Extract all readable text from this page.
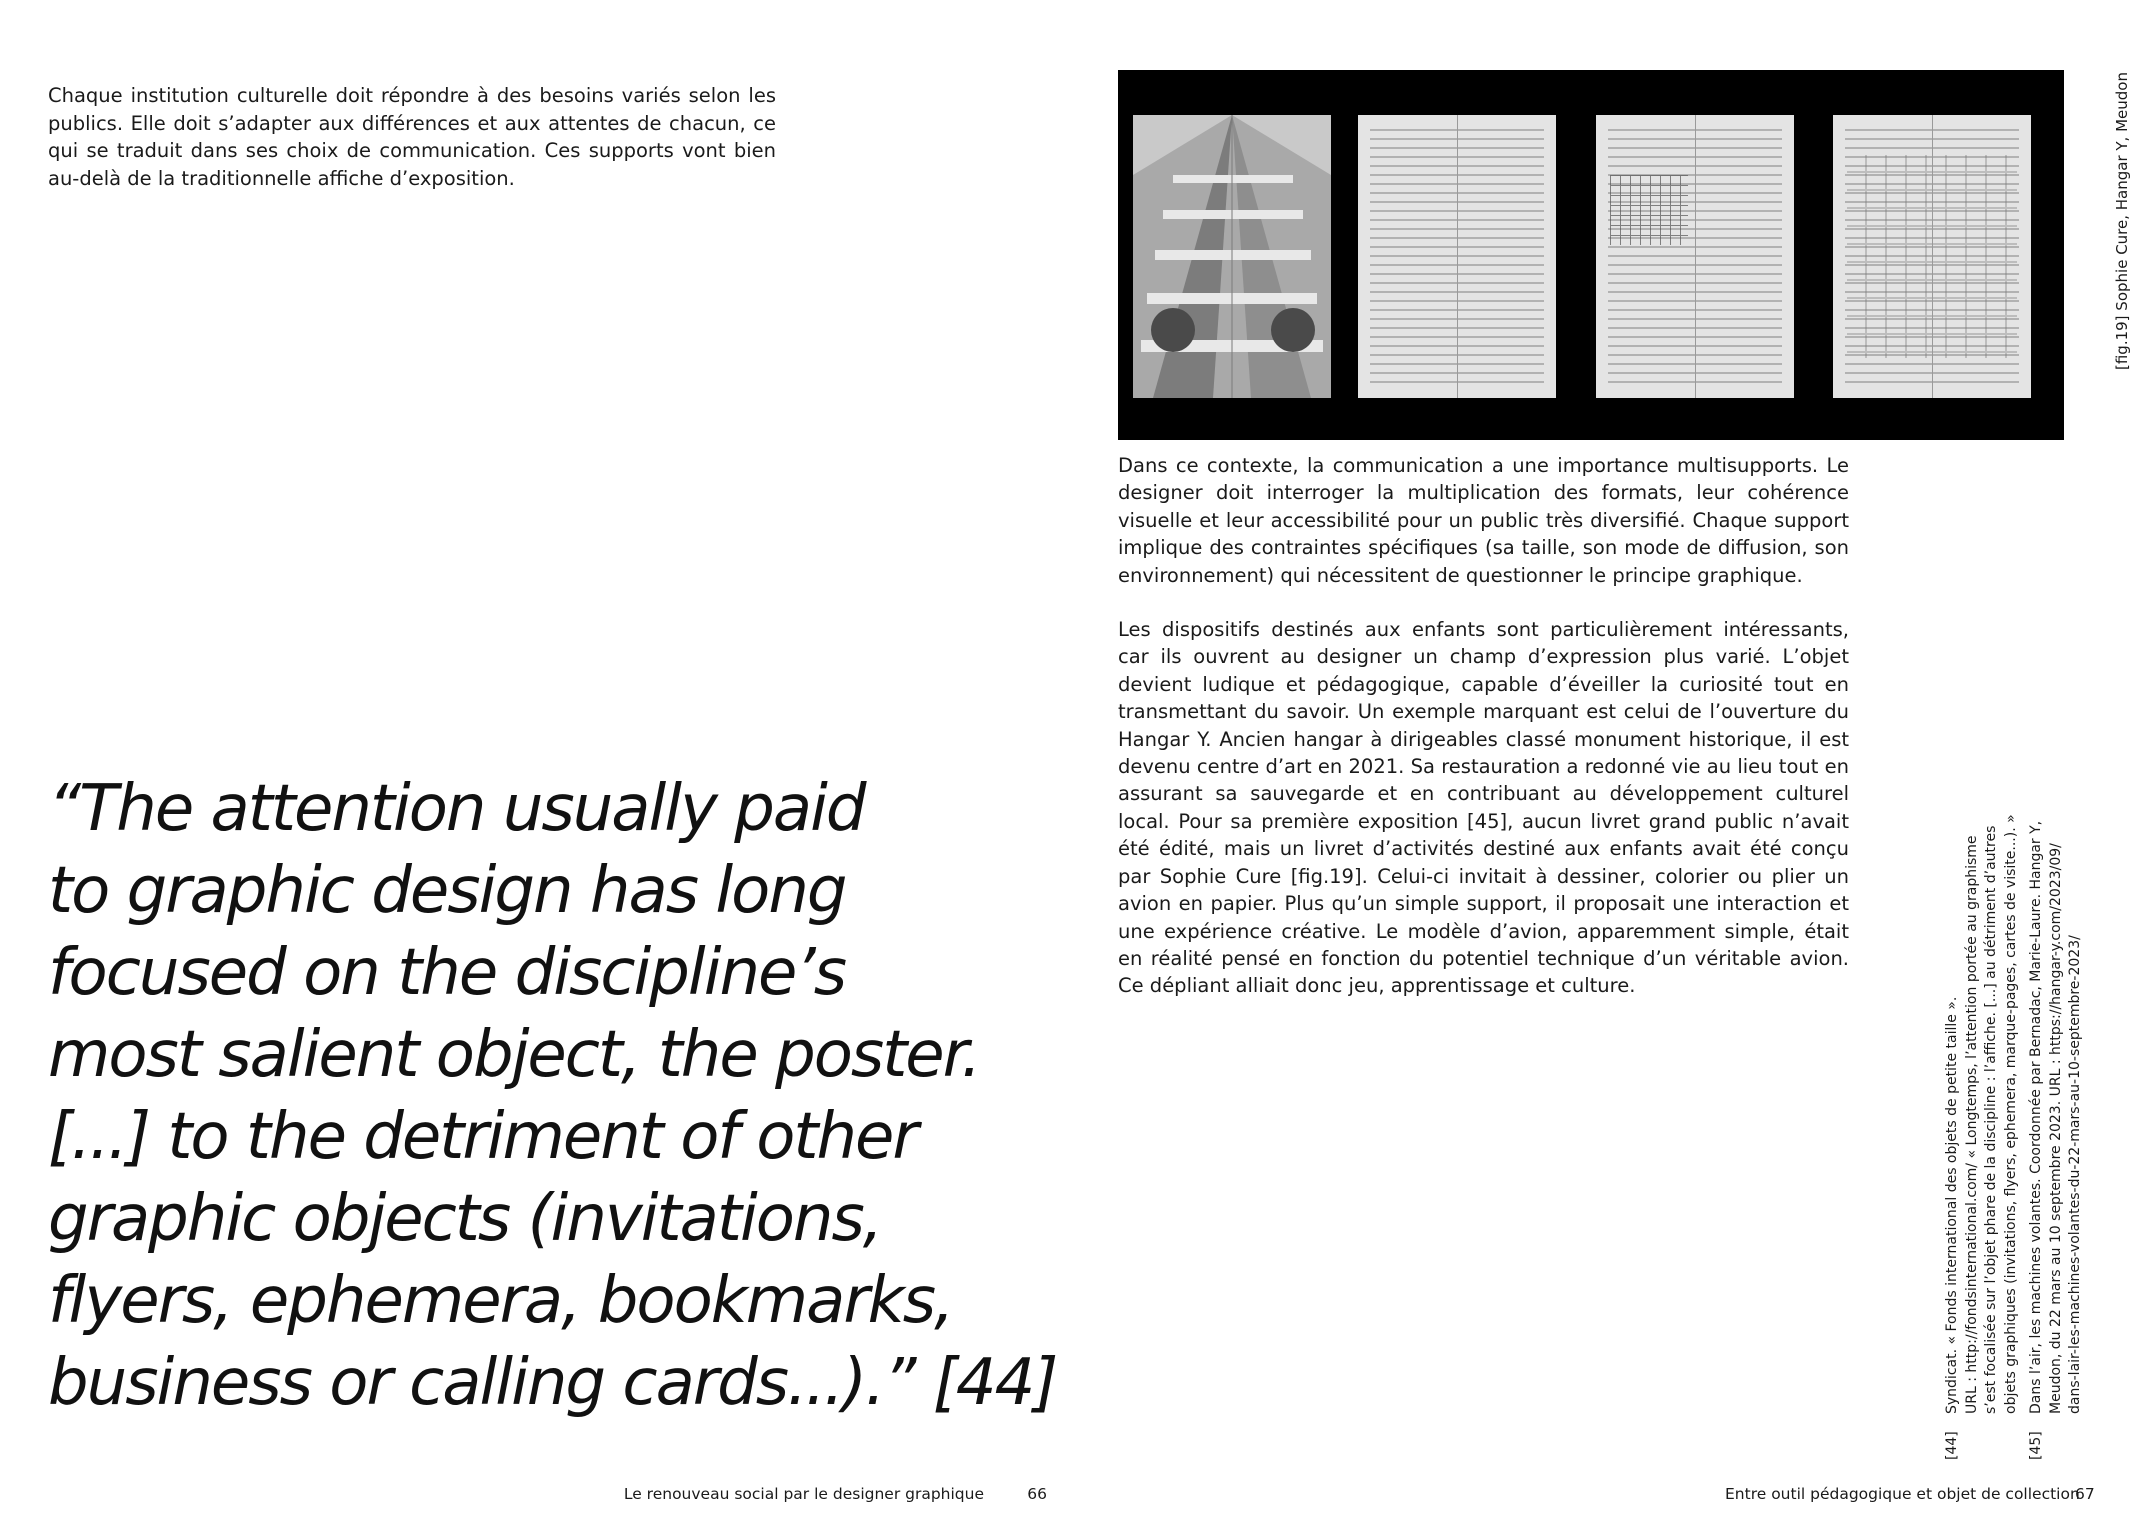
Chaque institution culturelle doit répondre à des besoins variés selon les publics. Elle doit s’adapter aux différences et aux attentes de chacun, ce qui se traduit dans ses choix de communication. Ces supports vont bien au-delà de la traditionnelle affiche d’exposition.

“The attention usually paid
to graphic design has long
focused on the discipline’s
most salient object, the poster.
[...] to the detriment of other
graphic objects (invitations,
flyers, ephemera, bookmarks,
business or calling cards...).” [44]
Le renouveau social par le designer graphique	66
[fig.19] Sophie Cure, Hangar Y, Meudon

Dans ce contexte, la communication a une importance multisupports. Le designer doit interroger la multiplication des formats, leur cohérence visuelle et leur accessibilité pour un public très diversifié. Chaque support implique des contraintes spécifiques (sa taille, son mode de diffusion, son environnement) qui nécessitent de questionner le principe graphique.

Les dispositifs destinés aux enfants sont particulièrement intéressants, car ils ouvrent au designer un champ d’expression plus varié. L’objet devient ludique et pédagogique, capable d’éveiller la curiosité tout en transmettant du savoir. Un exemple marquant est celui de l’ouverture du Hangar Y. Ancien hangar à dirigeables classé monument historique, il est devenu centre d’art en 2021. Sa restauration a redonné vie au lieu tout en assurant sa sauvegarde et en contribuant au développement culturel local. Pour sa première exposition [45], aucun livret grand public n’avait été édité, mais un livret d’activités destiné aux enfants avait été conçu par Sophie Cure [fig.19]. Celui-ci invitait à dessiner, colorier ou plier un avion en papier. Plus qu’un simple support, il proposait une interaction et une expérience créative. Le modèle d’avion, apparemment simple, était en réalité pensé en fonction du potentiel technique d’un véritable avion. Ce dépliant alliait donc jeu, apprentissage et culture.

[44]
Syndicat. « Fonds international des objets de petite taille ». URL : http://fondsinternational.com/ « Longtemps, l’attention portée au graphisme s’est focalisée sur l’objet phare de la discipline : l’affiche. [...] au détriment d’autres objets graphiques (invitations, flyers, ephemera, marque-pages, cartes de visite...). »
[45]
Dans l’air, les machines volantes. Coordonnée par Bernadac, Marie-Laure. Hangar Y, Meudon, du 22 mars au 10 septembre 2023. URL : https://hangar-y.com/2023/09/ dans-lair-les-machines-volantes-du-22-mars-au-10-septembre-2023/
Entre outil pédagogique et objet de collection
67
